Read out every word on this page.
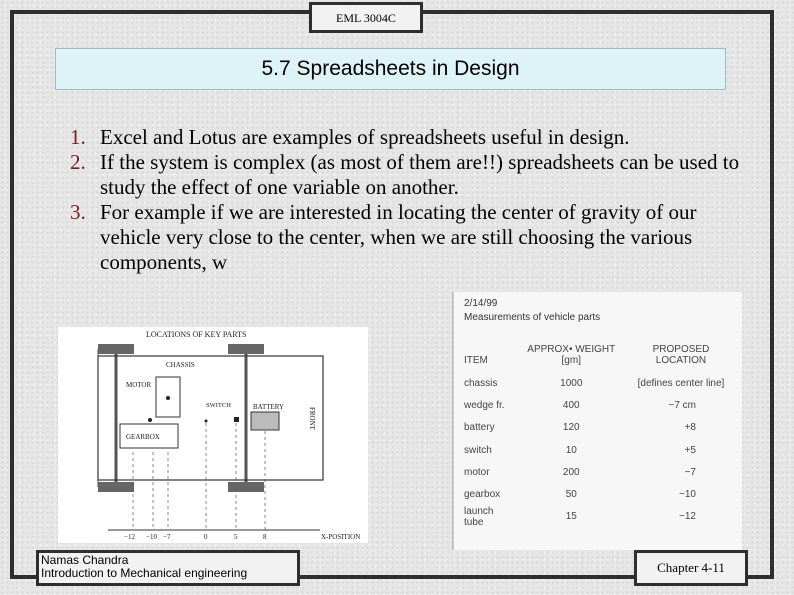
EML 3004C
5.7 Spreadsheets in Design
1. Excel and Lotus are examples of spreadsheets useful in design.
2. If the system is complex (as most of them are!!) spreadsheets can be used to study the effect of one variable on another.
3. For example if we are interested in locating the center of gravity of our vehicle very close to the center, when we are still choosing the various components, w
LOCATIONS OF KEY PARTS
CHASSIS
FRONT
MOTOR
GEARBOX
SWITCH	BATTERY
−12 −10 −7	0	5	8	X-POSITION
2/14/99
Measurements of vehicle parts
ITEM	APPROX• WEIGHT [gm]	PROPOSED LOCATION
chassis	1000	[defines center line]
wedge fr.	400	−7 cm
battery	120	+8
switch	10	+5
motor	200	−7
gearbox	50	−10
launch tube	15	−12
Namas Chandra
Introduction to Mechanical engineering	Chapter 4-11
